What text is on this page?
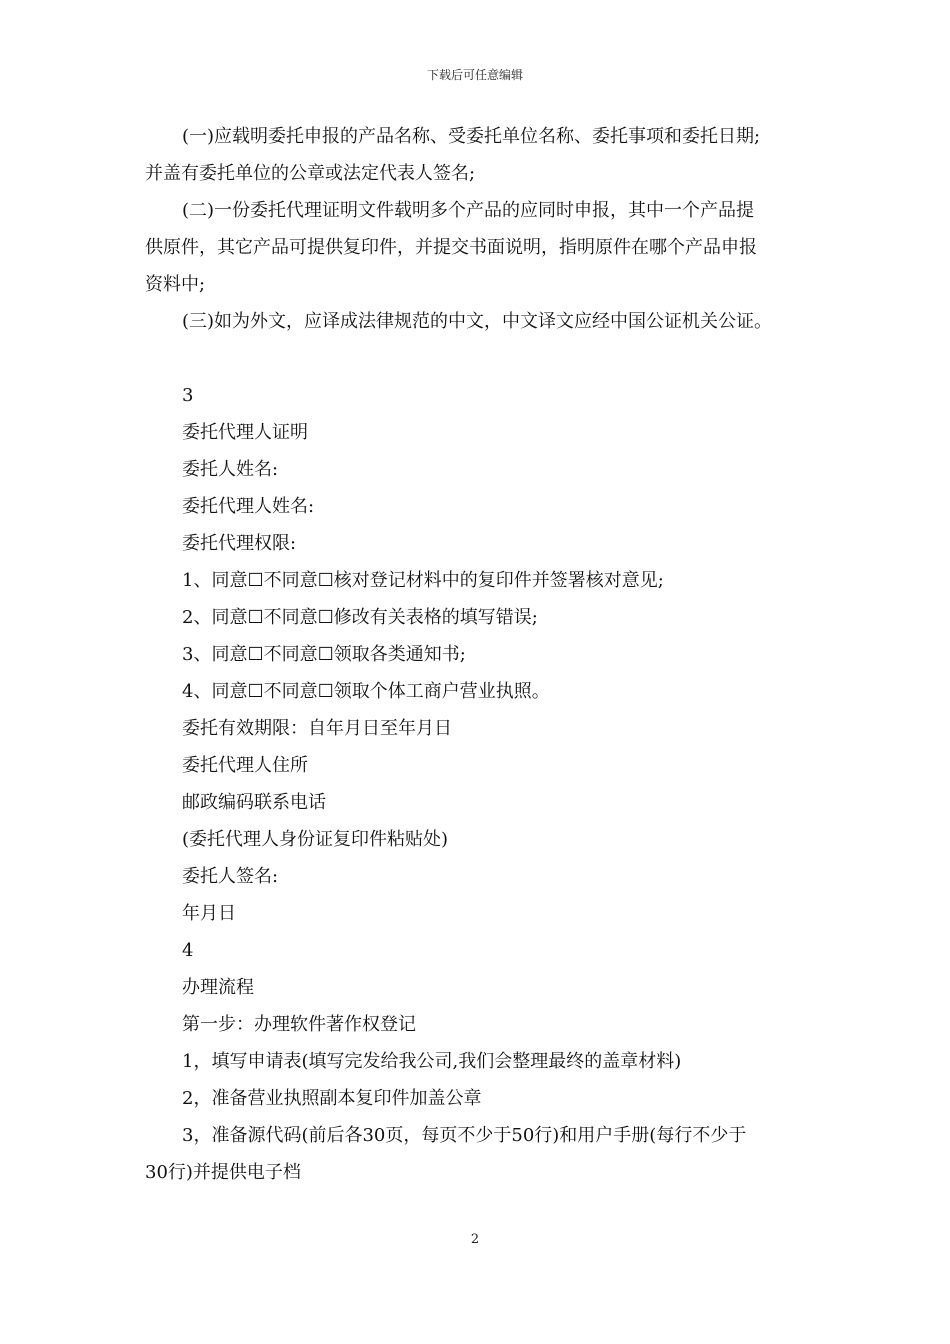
下载后可任意编辑
(一)应载明委托申报的产品名称、受委托单位名称、委托事项和委托日期;
并盖有委托单位的公章或法定代表人签名;
(二)一份委托代理证明文件载明多个产品的应同时申报，其中一个产品提
供原件，其它产品可提供复印件，并提交书面说明，指明原件在哪个产品申报
资料中;
(三)如为外文，应译成法律规范的中文，中文译文应经中国公证机关公证。
3
委托代理人证明
委托人姓名:
委托代理人姓名:
委托代理权限:
1、同意☐不同意☐核对登记材料中的复印件并签署核对意见;
2、同意☐不同意☐修改有关表格的填写错误;
3、同意☐不同意☐领取各类通知书;
4、同意☐不同意☐领取个体工商户营业执照。
委托有效期限：自年月日至年月日
委托代理人住所
邮政编码联系电话
(委托代理人身份证复印件粘贴处)
委托人签名:
年月日
4
办理流程
第一步：办理软件著作权登记
1，填写申请表(填写完发给我公司,我们会整理最终的盖章材料)
2，准备营业执照副本复印件加盖公章
3，准备源代码(前后各30页，每页不少于50行)和用户手册(每行不少于
30行)并提供电子档
2
